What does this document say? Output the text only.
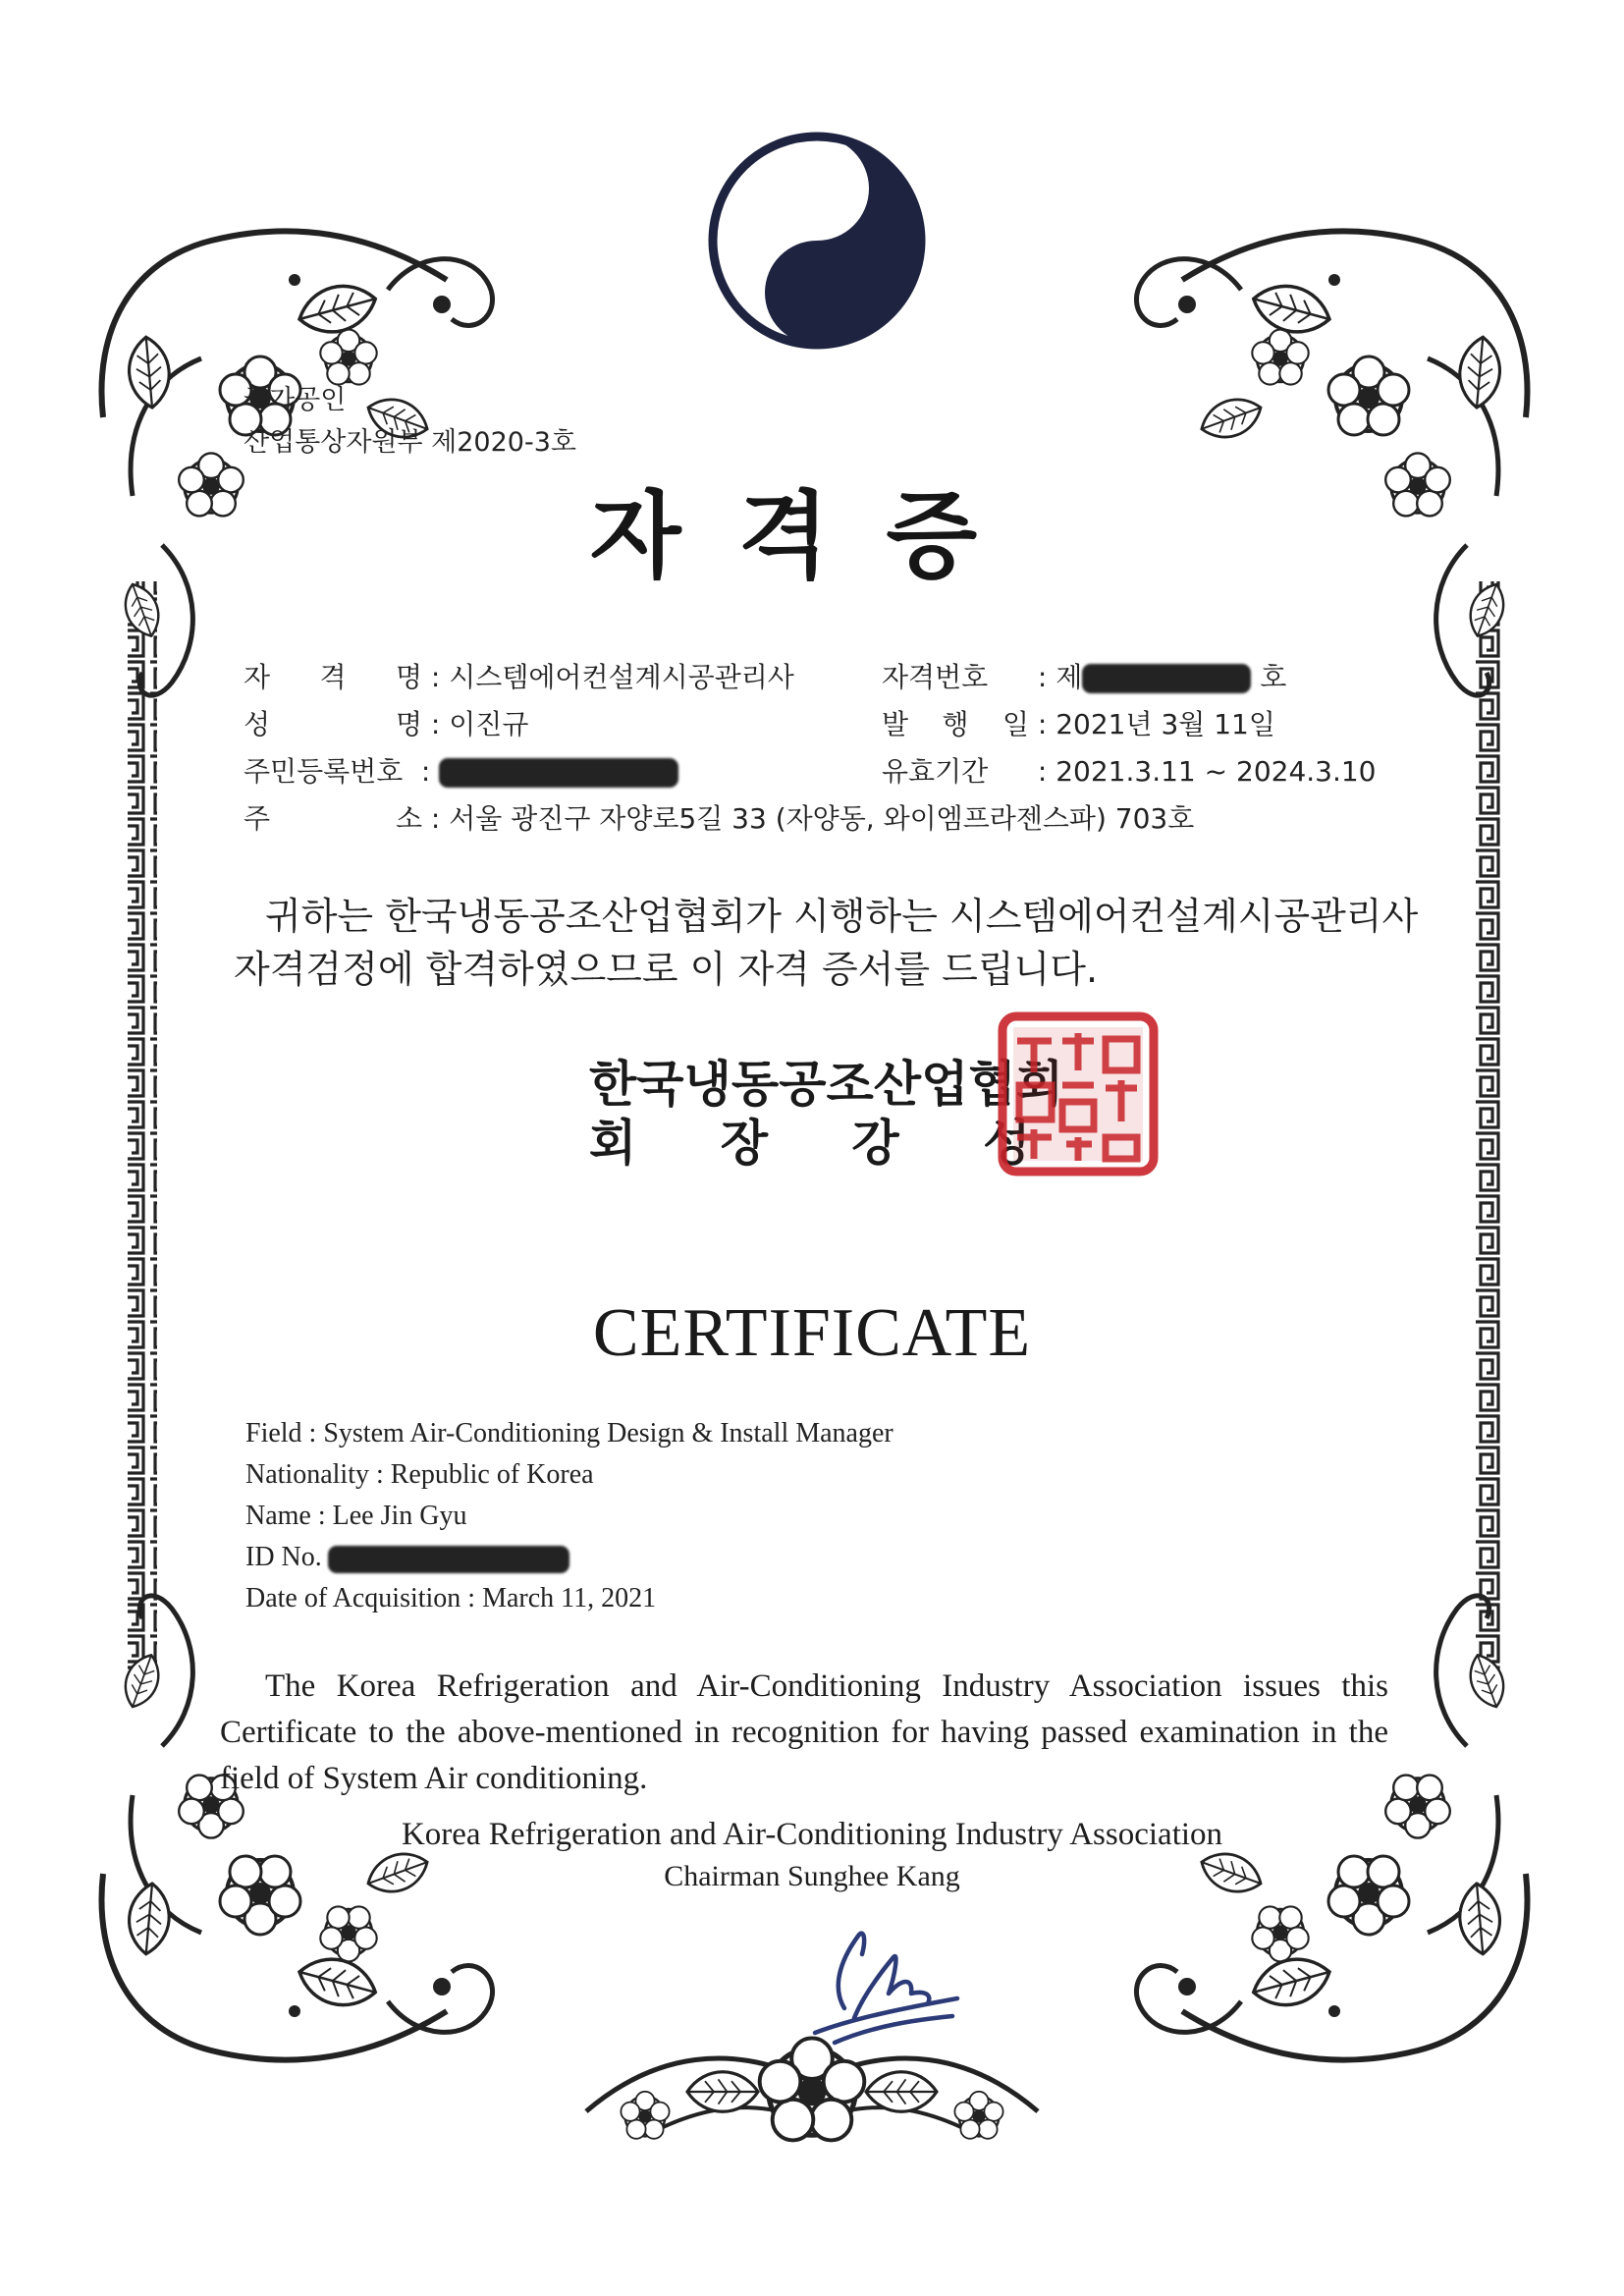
국가공인
산업통상자원부 제2020-3호
자격증
자 격 명 : 시스템에어컨설계시공관리사
성 명 : 이진규
주민등록번호 :
주 소 : 서울 광진구 자양로5길 33 (자양동, 와이엠프라젠스파) 703호
자격번호 : 제	호
발 행 일 : 2021년 3월 11일
유효기간 : 2021.3.11 ~ 2024.3.10
귀하는 한국냉동공조산업협회가 시행하는 시스템에어컨설계시공관리사
자격검정에 합격하였으므로 이 자격 증서를 드립니다.
한국냉동공조산업협회
회 장 강 성
CERTIFICATE
Field : System Air-Conditioning Design & Install Manager
Nationality : Republic of Korea
Name : Lee Jin Gyu
ID No.
Date of Acquisition : March 11, 2021
The Korea Refrigeration and Air-Conditioning Industry Association issues this Certificate to the above-mentioned in recognition for having passed examination in the field of System Air conditioning.
Korea Refrigeration and Air-Conditioning Industry Association
Chairman Sunghee Kang
